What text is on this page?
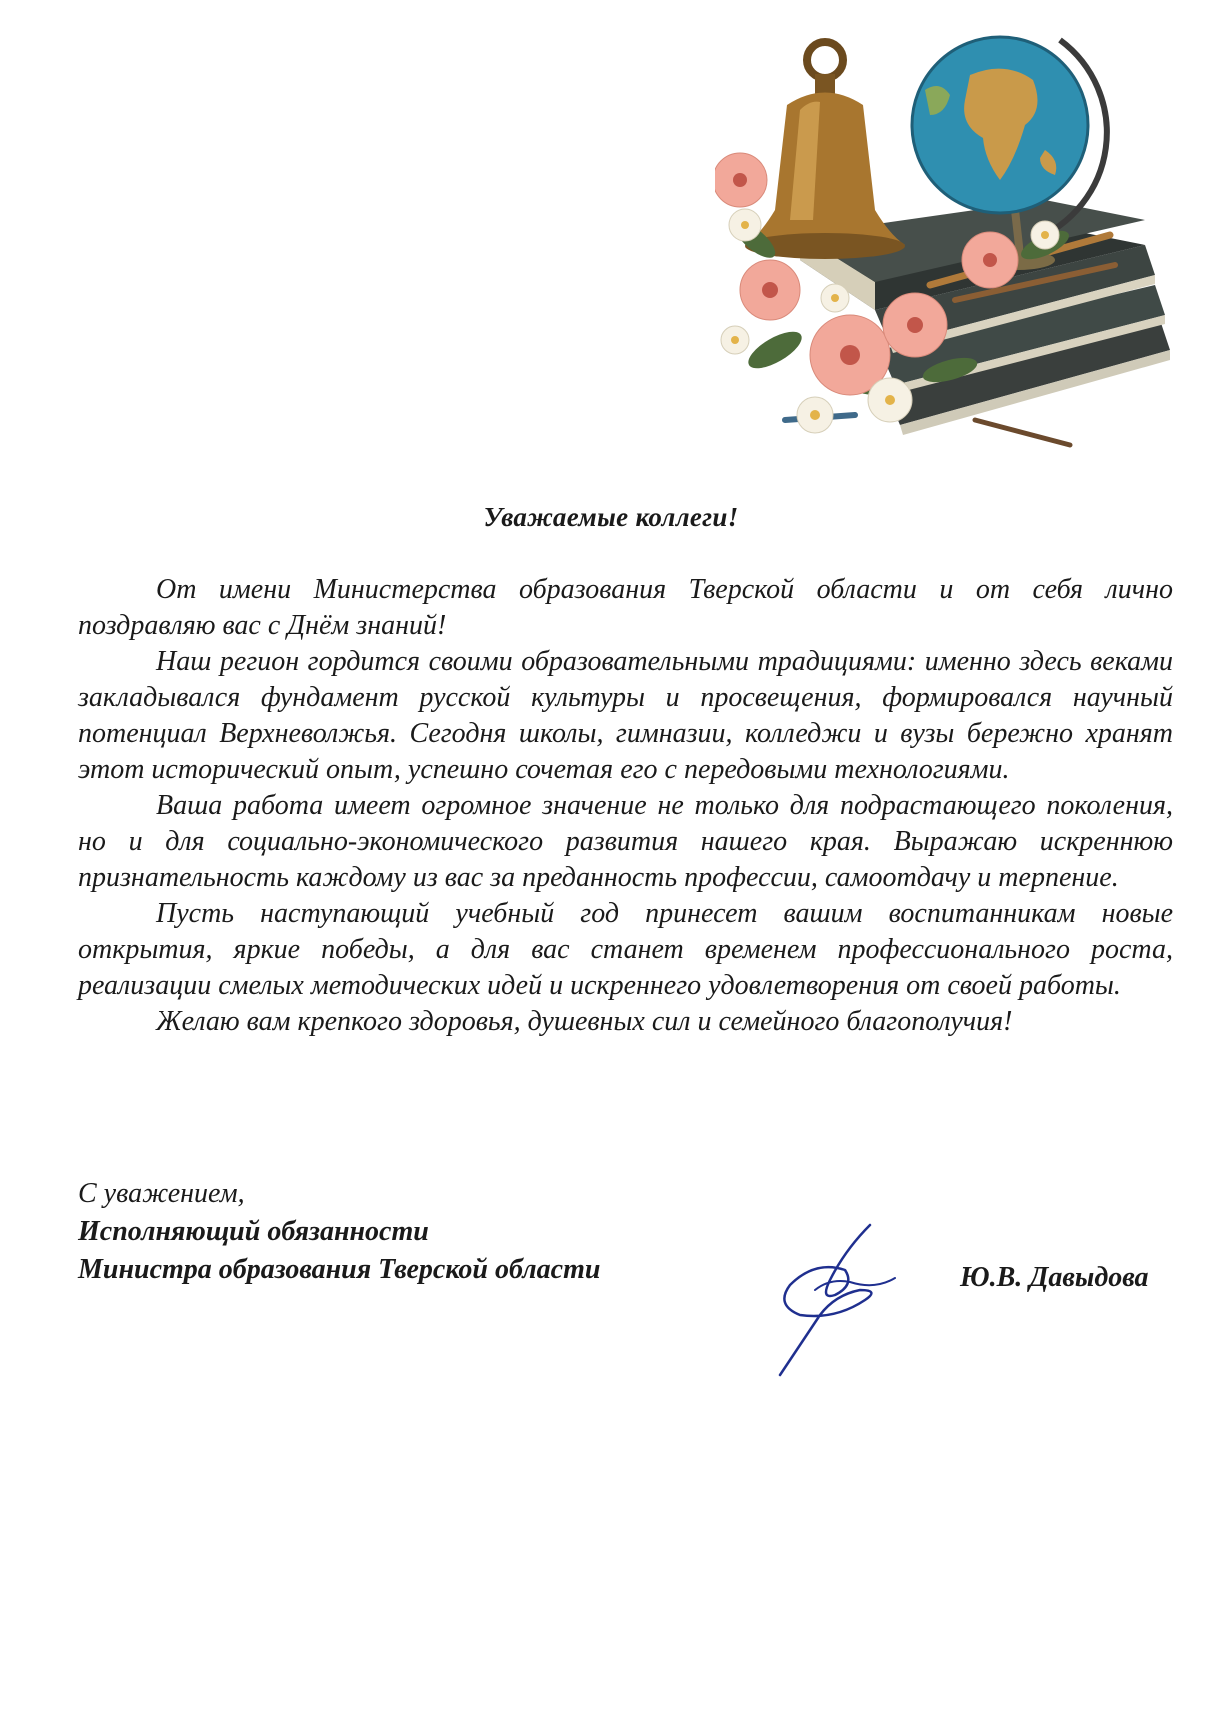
Уважаемые коллеги!

От имени Министерства образования Тверской области и от себя лично поздравляю вас с Днём знаний!

Наш регион гордится своими образовательными традициями: именно здесь веками закладывался фундамент русской культуры и просвещения, формировался научный потенциал Верхневолжья. Сегодня школы, гимназии, колледжи и вузы бережно хранят этот исторический опыт, успешно сочетая его с передовыми технологиями.

Ваша работа имеет огромное значение не только для подрастающего поколения, но и для социально-экономического развития нашего края. Выражаю искреннюю признательность каждому из вас за преданность профессии, самоотдачу и терпение.

Пусть наступающий учебный год принесет вашим воспитанникам новые открытия, яркие победы, а для вас станет временем профессионального роста, реализации смелых методических идей и искреннего удовлетворения от своей работы.

Желаю вам крепкого здоровья, душевных сил и семейного благополучия!

С уважением,
Исполняющий обязанности
Министра образования Тверской области	Ю.В. Давыдова
